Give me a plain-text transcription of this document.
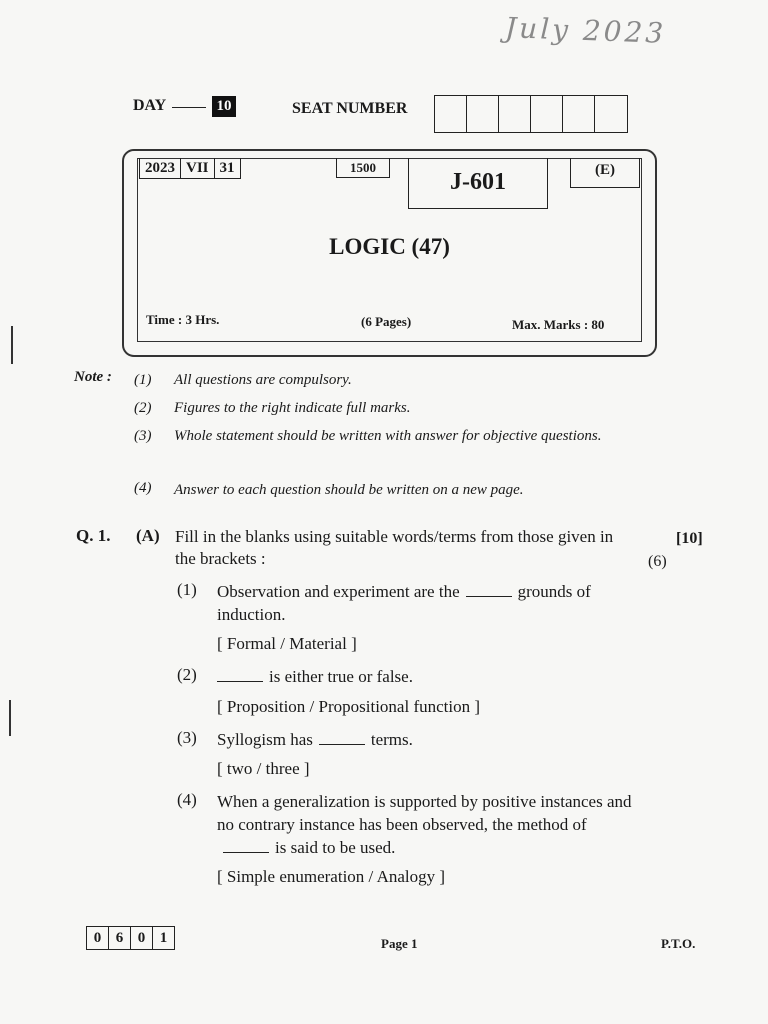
July 2023
DAY	10	SEAT NUMBER
2023 VII 31	1500
J-601	(E)
LOGIC (47)
Time : 3 Hrs.	(6 Pages)	Max. Marks : 80
Note : (1) All questions are compulsory.
(2) Figures to the right indicate full marks.
(3) Whole statement should be written with answer for objective questions.
(4) Answer to each question should be written on a new page.
Q. 1. (A) Fill in the blanks using suitable words/terms from those given in the brackets :
[10]
(6)
(1) Observation and experiment are the	grounds of induction.
[ Formal / Material ]
(2)	is either true or false.
[ Proposition / Propositional function ]
(3) Syllogism has	terms.
[ two / three ]
(4) When a generalization is supported by positive instances and no contrary instance has been observed, the method ofis said to be used.
[ Simple enumeration / Analogy ]
0 6 0 1	Page 1	P.T.O.
